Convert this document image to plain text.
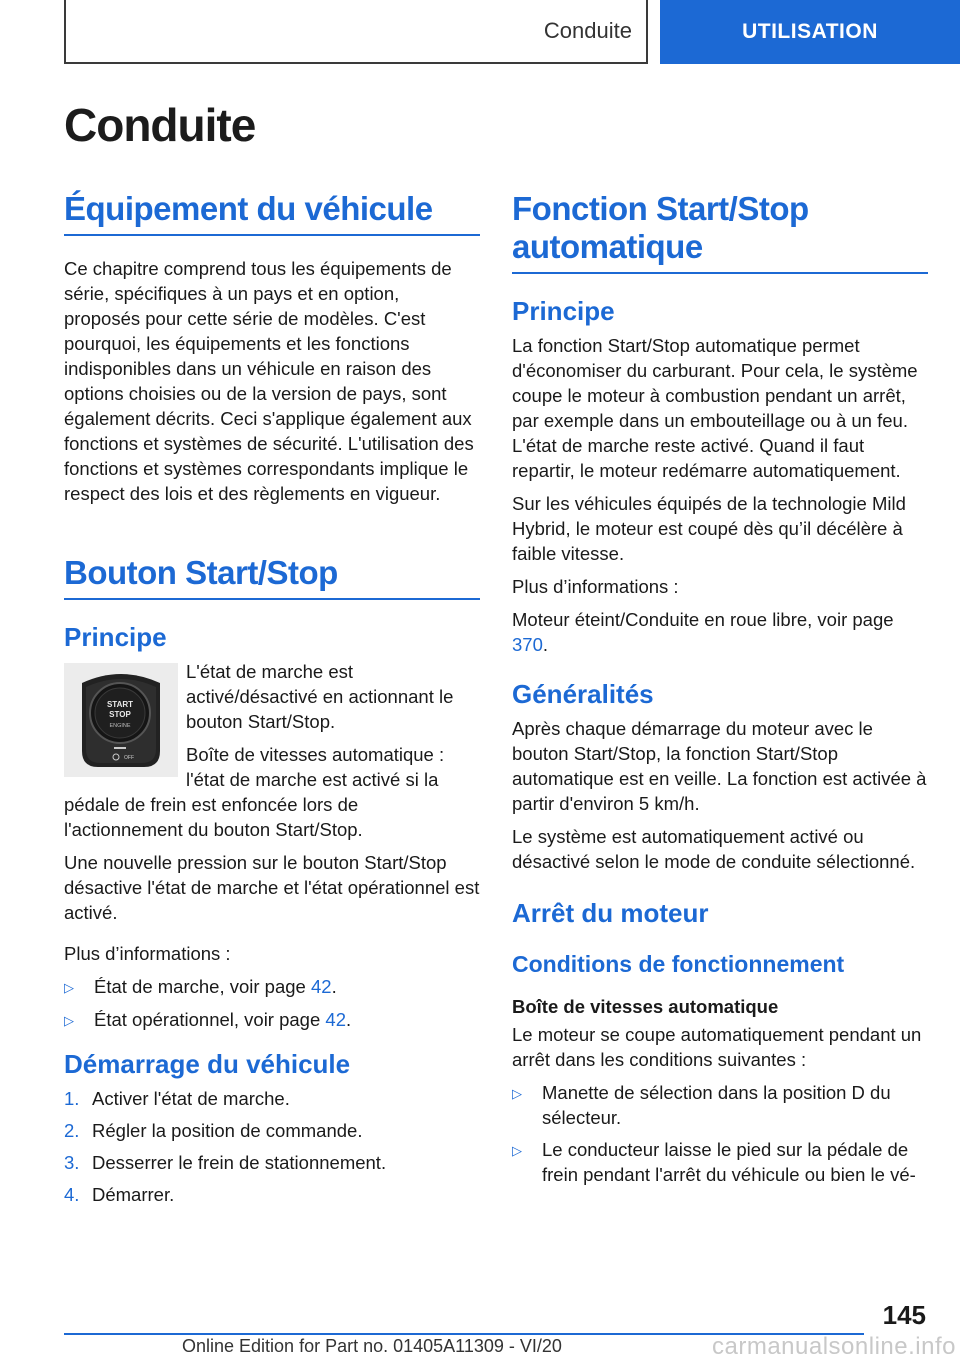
Conduite	UTILISATION
Conduite
Équipement du véhicule

Ce chapitre comprend tous les équipements de série, spécifiques à un pays et en option, proposés pour cette série de modèles. C'est pourquoi, les équipements et les fonctions indisponibles dans un véhicule en raison des options choisies ou de la version de pays, sont également décrits. Ceci s'applique également aux fonctions et systèmes de sécurité. L'utilisation des fonctions et systèmes correspondants implique le respect des lois et des règlements en vigueur.

Bouton Start/Stop
Principe
START
STOP
ENGINE
OFF

L'état de marche est activé/désactivé en actionnant le bouton Start/Stop.

Boîte de vitesses automatique : l'état de marche est activé si la pédale de frein est enfoncée lors de l'actionnement du bouton Start/Stop.

Une nouvelle pression sur le bouton Start/Stop désactive l'état de marche et l'état opérationnel est activé.

Plus d’informations :

▷	État de marche, voir page 42.
▷	État opérationnel, voir page 42.
Démarrage du véhicule
1. Activer l'état de marche.
2. Régler la position de commande.
3. Desserrer le frein de stationnement.
4. Démarrer.
Fonction Start/Stop automatique
Principe

La fonction Start/Stop automatique permet d'économiser du carburant. Pour cela, le système coupe le moteur à combustion pendant un arrêt, par exemple dans un embouteillage ou à un feu. L'état de marche reste activé. Quand il faut repartir, le moteur redémarre automatiquement.

Sur les véhicules équipés de la technologie Mild Hybrid, le moteur est coupé dès qu’il décélère à faible vitesse.

Plus d’informations :

Moteur éteint/Conduite en roue libre, voir page 370.

Généralités

Après chaque démarrage du moteur avec le bouton Start/Stop, la fonction Start/Stop automatique est en veille. La fonction est activée à partir d'environ 5 km/h.

Le système est automatiquement activé ou désactivé selon le mode de conduite sélectionné.

Arrêt du moteur
Conditions de fonctionnement
Boîte de vitesses automatique

Le moteur se coupe automatiquement pendant un arrêt dans les conditions suivantes :

▷	Manette de sélection dans la position D du sélecteur.
▷	Le conducteur laisse le pied sur la pédale de frein pendant l'arrêt du véhicule ou bien le vé-
145
Online Edition for Part no. 01405A11309 - VI/20	carmanualsonline.info
